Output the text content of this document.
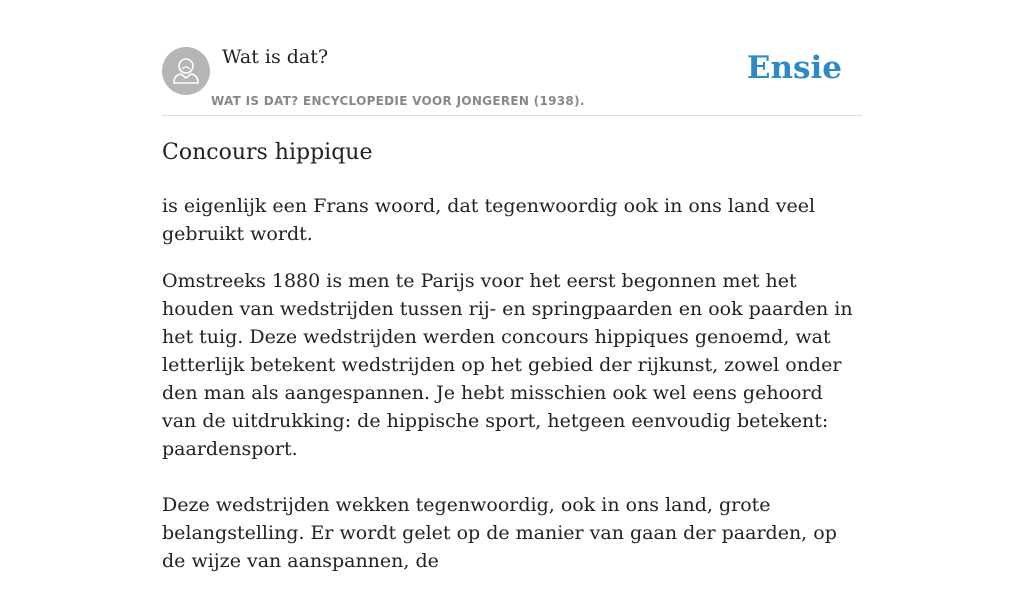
Wat is dat?
WAT IS DAT? ENCYCLOPEDIE VOOR JONGEREN (1938).
Ensie
Concours hippique

is eigenlijk een Frans woord, dat tegenwoordig ook in ons land veel gebruikt wordt.

Omstreeks 1880 is men te Parijs voor het eerst begonnen met het houden van wedstrijden tussen rij- en springpaarden en ook paarden in het tuig. Deze wedstrijden werden concours hippiques genoemd, wat letterlijk betekent wedstrijden op het gebied der rijkunst, zowel onder den man als aangespannen. Je hebt misschien ook wel eens gehoord van de uitdrukking: de hippische sport, hetgeen eenvoudig betekent: paardensport.

Deze wedstrijden wekken tegenwoordig, ook in ons land, grote belangstelling. Er wordt gelet op de manier van gaan der paarden, op de wijze van aanspannen, de
